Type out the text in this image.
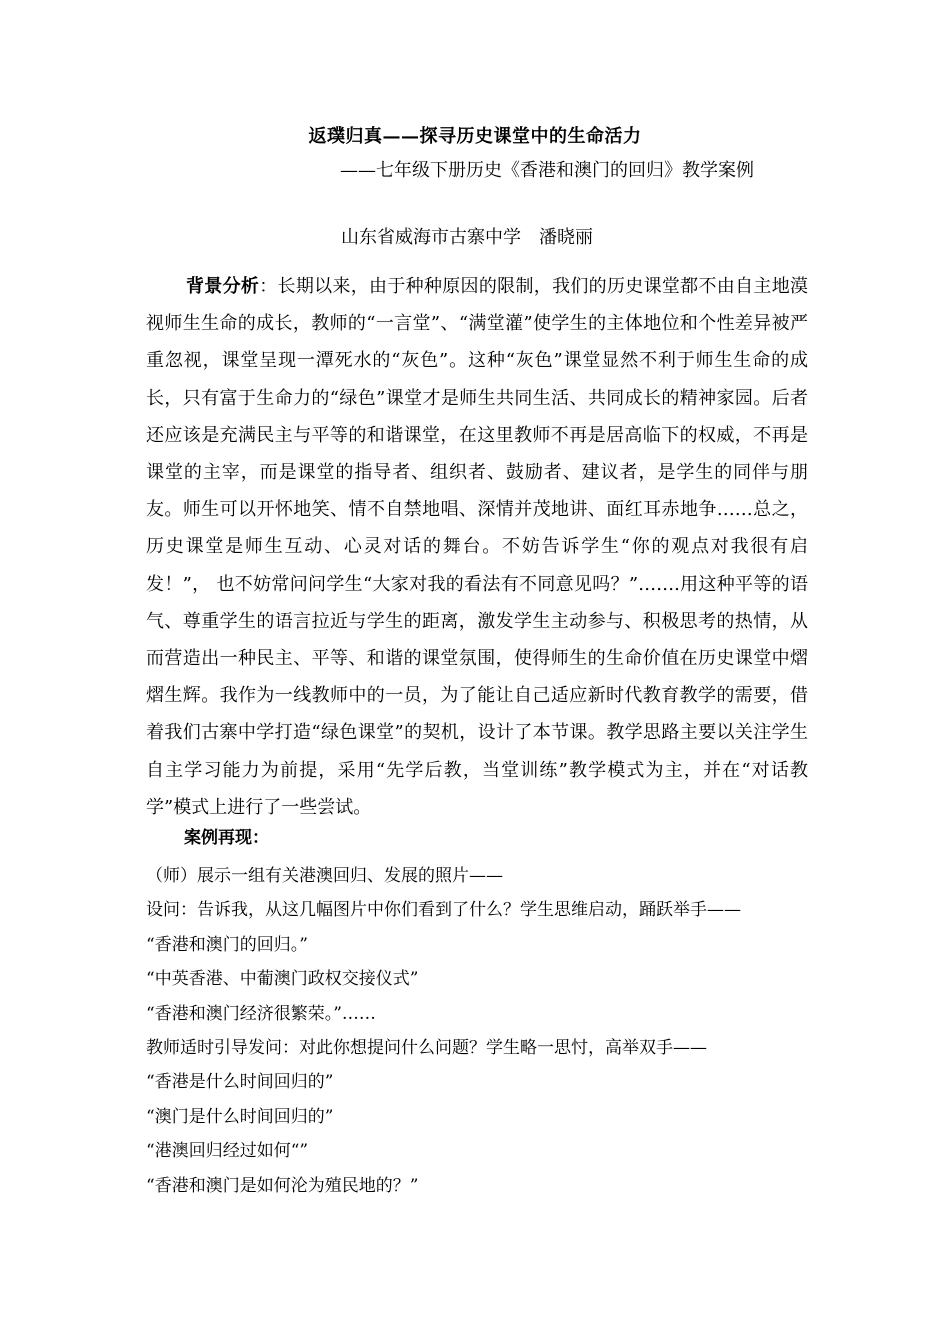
返璞归真——探寻历史课堂中的生命活力
——七年级下册历史《香港和澳门的回归》教学案例
山东省威海市古寨中学　潘晓丽
背景分析：长期以来，由于种种原因的限制，我们的历史课堂都不由自主地漠视师生生命的成长，教师的“一言堂”、“满堂灌”使学生的主体地位和个性差异被严重忽视，课堂呈现一潭死水的“灰色”。这种“灰色”课堂显然不利于师生生命的成长，只有富于生命力的“绿色”课堂才是师生共同生活、共同成长的精神家园。后者还应该是充满民主与平等的和谐课堂，在这里教师不再是居高临下的权威，不再是课堂的主宰，而是课堂的指导者、组织者、鼓励者、建议者，是学生的同伴与朋友。师生可以开怀地笑、情不自禁地唱、深情并茂地讲、面红耳赤地争……总之，历史课堂是师生互动、心灵对话的舞台。不妨告诉学生“你的观点对我很有启发！”， 也不妨常问问学生“大家对我的看法有不同意见吗？”…….用这种平等的语气、尊重学生的语言拉近与学生的距离，激发学生主动参与、积极思考的热情，从而营造出一种民主、平等、和谐的课堂氛围，使得师生的生命价值在历史课堂中熠熠生辉。我作为一线教师中的一员，为了能让自己适应新时代教育教学的需要，借着我们古寨中学打造“绿色课堂”的契机，设计了本节课。教学思路主要以关注学生自主学习能力为前提，采用“先学后教，当堂训练”教学模式为主，并在“对话教学”模式上进行了一些尝试。
案例再现：
（师）展示一组有关港澳回归、发展的照片——
设问：告诉我，从这几幅图片中你们看到了什么？学生思维启动，踊跃举手——
“香港和澳门的回归。”
“中英香港、中葡澳门政权交接仪式”
“香港和澳门经济很繁荣。”……
教师适时引导发问：对此你想提问什么问题？学生略一思忖，高举双手——
“香港是什么时间回归的”
“澳门是什么时间回归的”
“港澳回归经过如何“”
“香港和澳门是如何沦为殖民地的？”
